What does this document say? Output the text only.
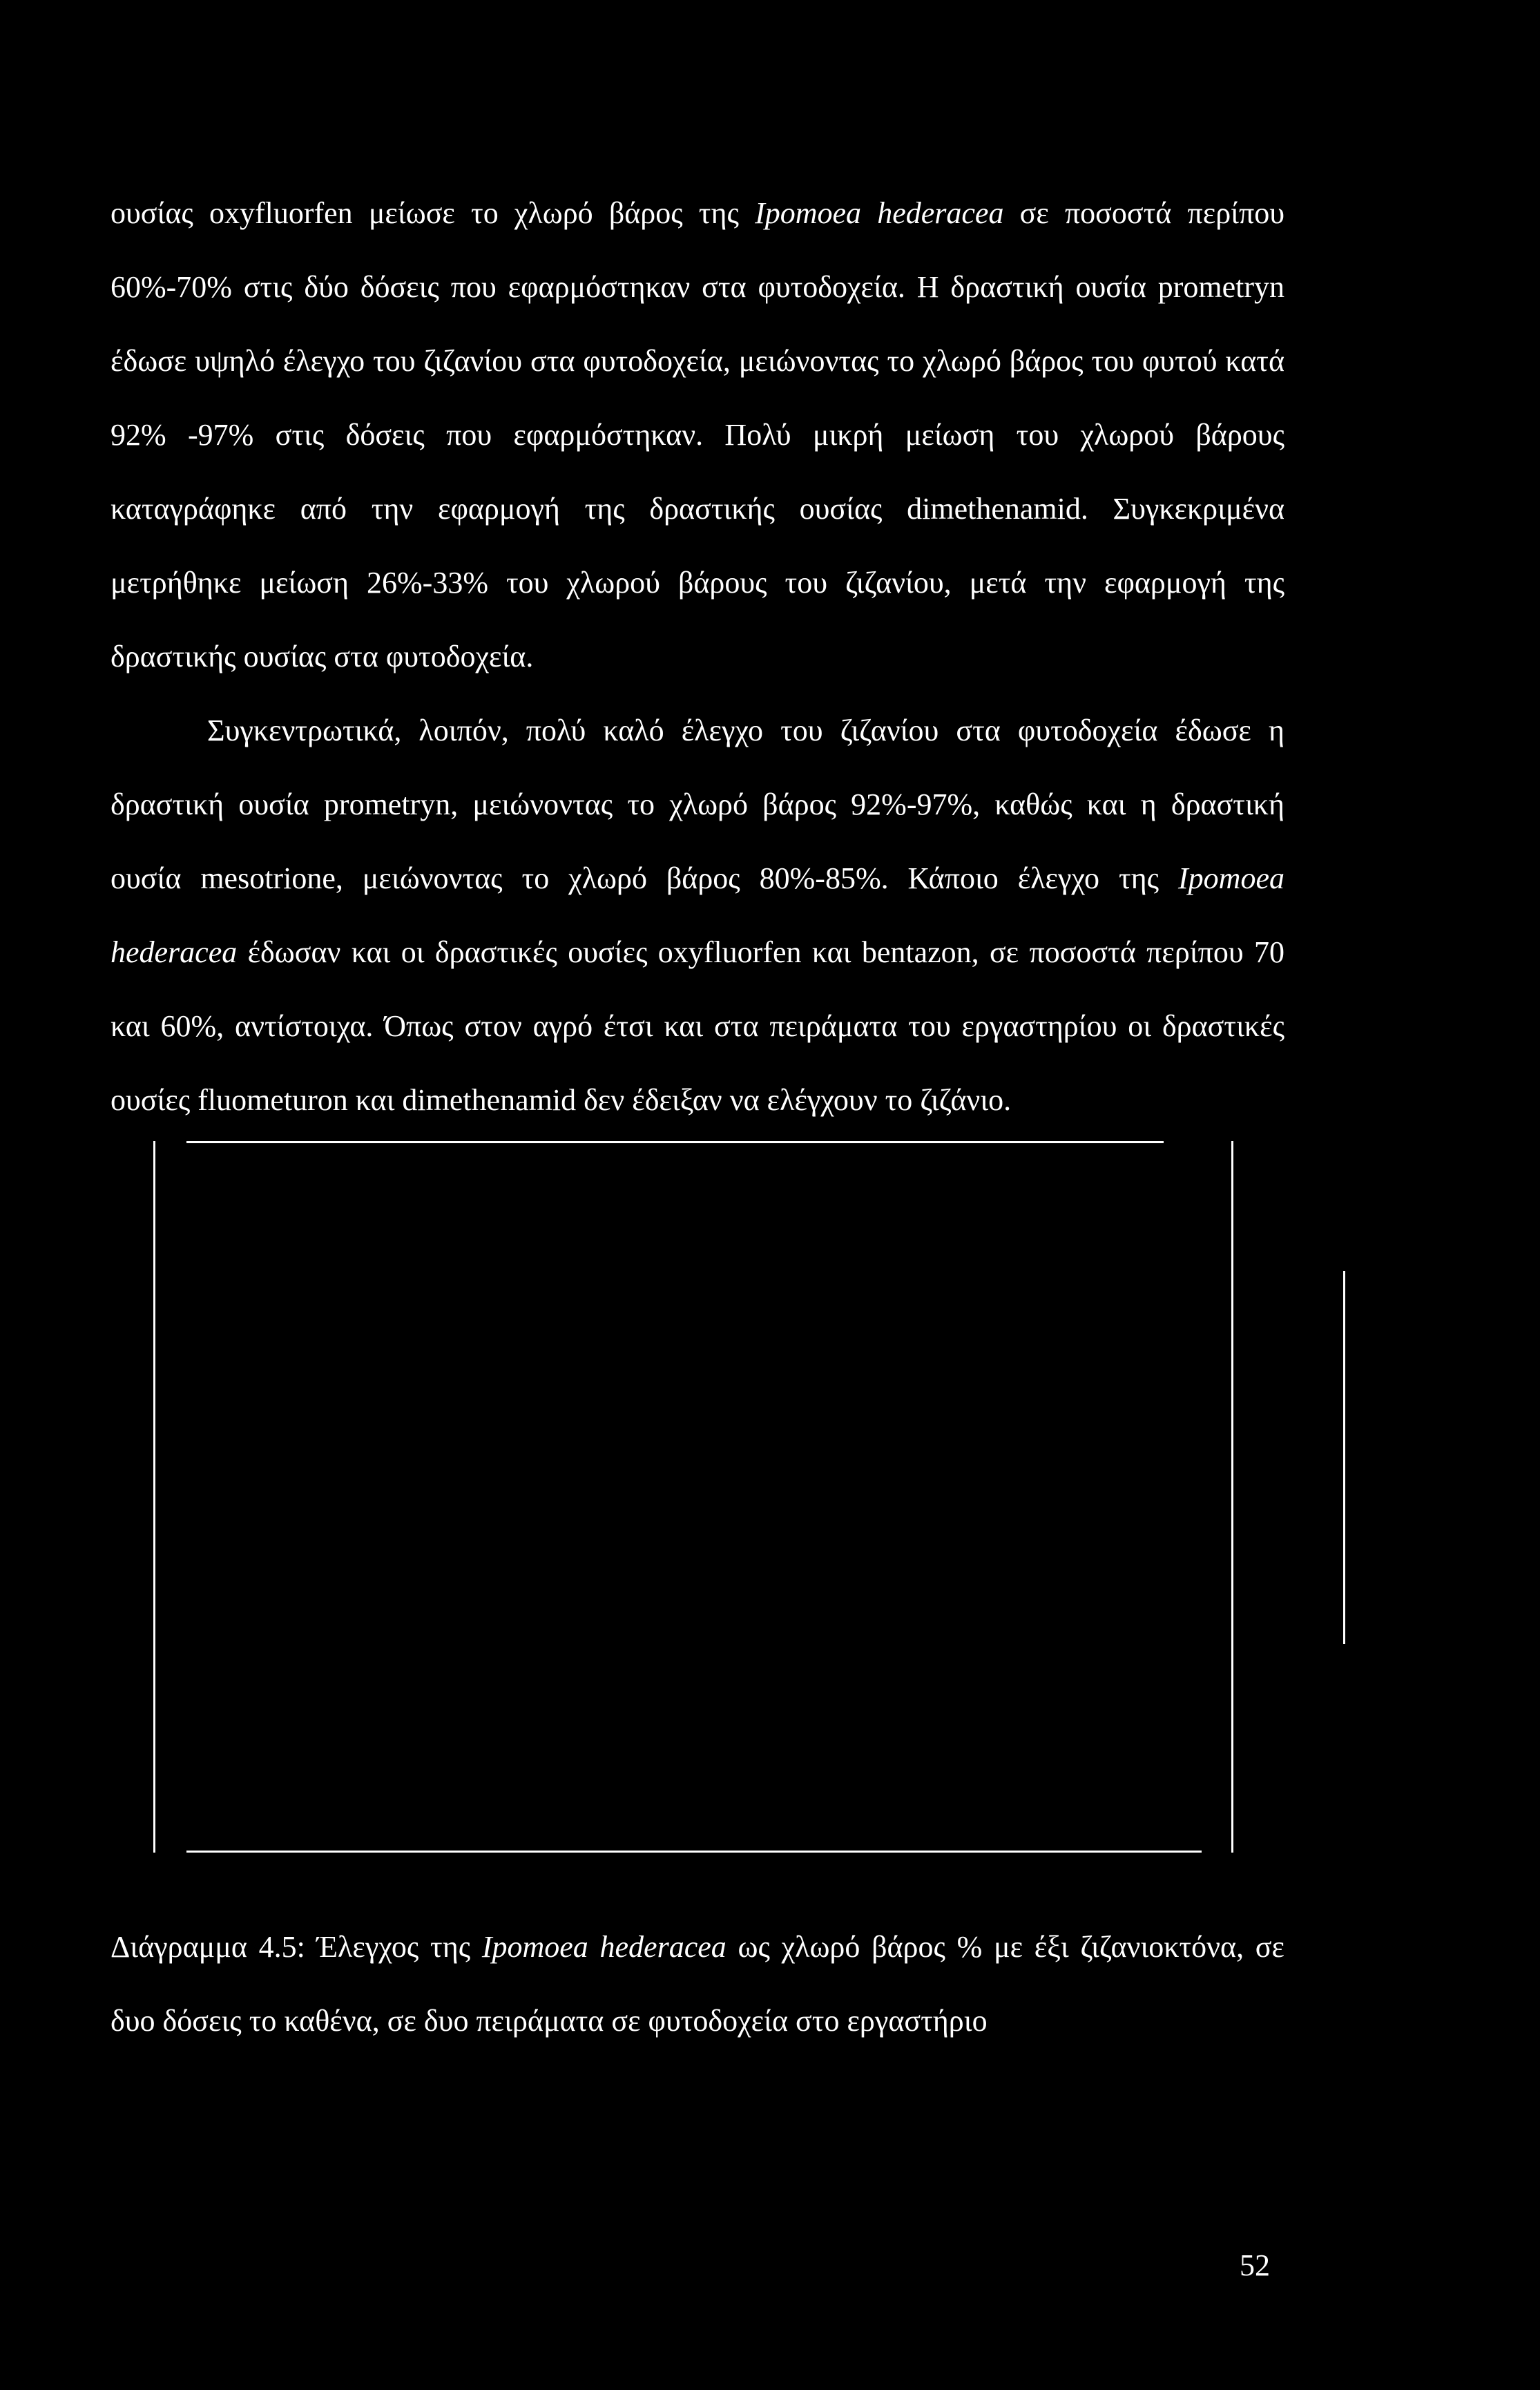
ουσίας oxyfluorfen μείωσε το χλωρό βάρος της Ipomoea hederacea σε ποσοστά περίπου 60%-70% στις δύο δόσεις που εφαρμόστηκαν στα φυτοδοχεία. Η δραστική ουσία prometryn έδωσε υψηλό έλεγχο του ζιζανίου στα φυτοδοχεία, μειώνοντας το χλωρό βάρος του φυτού κατά 92% -97% στις δόσεις που εφαρμόστηκαν. Πολύ μικρή μείωση του χλωρού βάρους καταγράφηκε από την εφαρμογή της δραστικής ουσίας dimethenamid. Συγκεκριμένα μετρήθηκε μείωση 26%-33% του χλωρού βάρους του ζιζανίου, μετά την εφαρμογή της δραστικής ουσίας στα φυτοδοχεία.

Συγκεντρωτικά, λοιπόν, πολύ καλό έλεγχο του ζιζανίου στα φυτοδοχεία έδωσε η δραστική ουσία prometryn, μειώνοντας το χλωρό βάρος 92%-97%, καθώς και η δραστική ουσία mesotrione, μειώνοντας το χλωρό βάρος 80%-85%. Κάποιο έλεγχο της Ipomoea hederacea έδωσαν και οι δραστικές ουσίες oxyfluorfen και bentazon, σε ποσοστά περίπου 70 και 60%, αντίστοιχα. Όπως στον αγρό έτσι και στα πειράματα του εργαστηρίου οι δραστικές ουσίες fluometuron και dimethenamid δεν έδειξαν να ελέγχουν το ζιζάνιο.

Διάγραμμα 4.5: Έλεγχος της Ipomoea hederacea ως χλωρό βάρος % με έξι ζιζανιοκτόνα, σε δυο δόσεις το καθένα, σε δυο πειράματα σε φυτοδοχεία στο εργαστήριο

52
